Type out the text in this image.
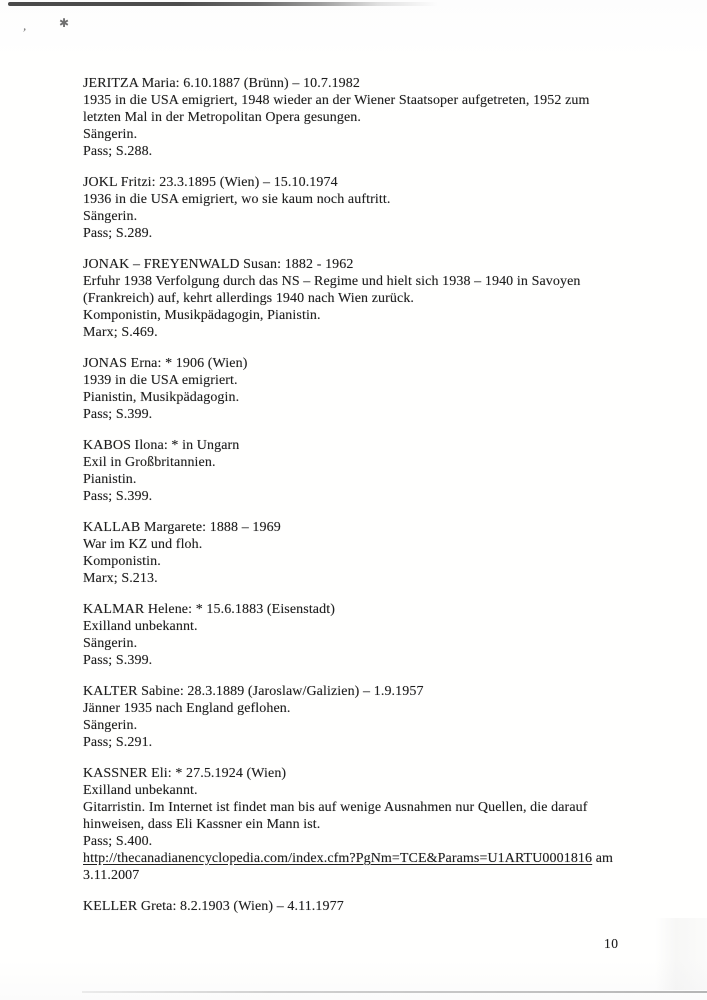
✱
’
JERITZA Maria: 6.10.1887 (Brünn) – 10.7.1982
1935 in die USA emigriert, 1948 wieder an der Wiener Staatsoper aufgetreten, 1952 zum
letzten Mal in der Metropolitan Opera gesungen.
Sängerin.
Pass; S.288.
JOKL Fritzi: 23.3.1895 (Wien) – 15.10.1974
1936 in die USA emigriert, wo sie kaum noch auftritt.
Sängerin.
Pass; S.289.
JONAK – FREYENWALD Susan: 1882 - 1962
Erfuhr 1938 Verfolgung durch das NS – Regime und hielt sich 1938 – 1940 in Savoyen
(Frankreich) auf, kehrt allerdings 1940 nach Wien zurück.
Komponistin, Musikpädagogin, Pianistin.
Marx; S.469.
JONAS Erna: * 1906 (Wien)
1939 in die USA emigriert.
Pianistin, Musikpädagogin.
Pass; S.399.
KABOS Ilona: * in Ungarn
Exil in Großbritannien.
Pianistin.
Pass; S.399.
KALLAB Margarete: 1888 – 1969
War im KZ und floh.
Komponistin.
Marx; S.213.
KALMAR Helene: * 15.6.1883 (Eisenstadt)
Exilland unbekannt.
Sängerin.
Pass; S.399.
KALTER Sabine: 28.3.1889 (Jaroslaw/Galizien) – 1.9.1957
Jänner 1935 nach England geflohen.
Sängerin.
Pass; S.291.
KASSNER Eli: * 27.5.1924 (Wien)
Exilland unbekannt.
Gitarristin. Im Internet ist findet man bis auf wenige Ausnahmen nur Quellen, die darauf
hinweisen, dass Eli Kassner ein Mann ist.
Pass; S.400.
http://thecanadianencyclopedia.com/index.cfm?PgNm=TCE&Params=U1ARTU0001816 am
3.11.2007
KELLER Greta: 8.2.1903 (Wien) – 4.11.1977
10
